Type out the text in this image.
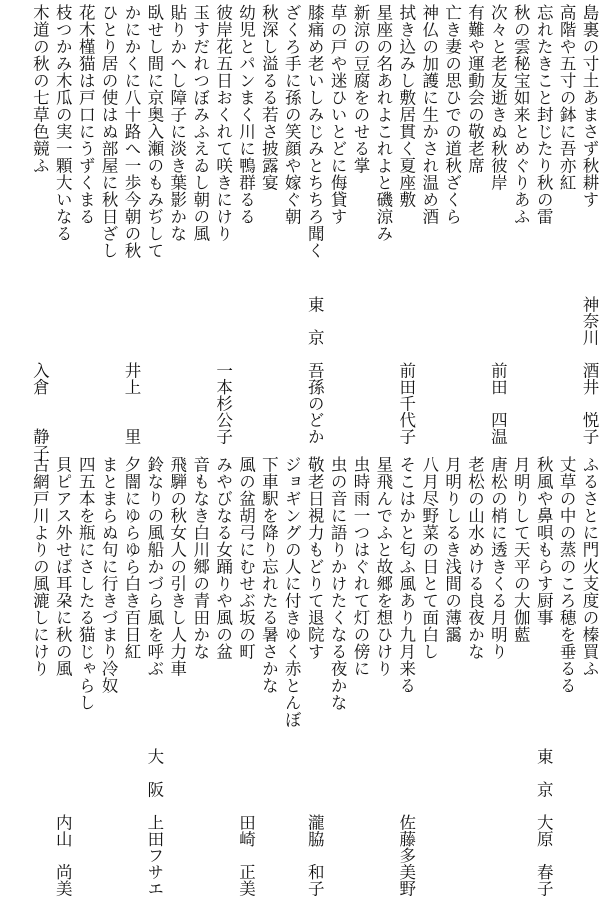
島裏の寸土あまさず秋耕す
神奈川
酒井　悦子
高階や五寸の鉢に吾亦紅
忘れたきこと封じたり秋の雷
秋の雲秘宝如来とめぐりあふ
次々と老友逝きぬ秋彼岸
前田　四温
有難や運動会の敬老席
亡き妻の思ひでの道秋ざくら
神仏の加護に生かされ温め酒
拭き込みし敷居貫く夏座敷
前田千代子
星座の名あれよこれよと磯涼み
新涼の豆腐をのせる掌
草の戸や迷ひいとどに侮貸す
膝痛め老いしみじみとちちろ聞く
東　京
吾孫のどか
ざくろ手に孫の笑顔や嫁ぐ朝
秋深し溢るる若さ披露宴
幼児とパンまく川に鴨群るる
彼岸花五日おくれて咲きにけり
一本杉公子
玉すだれつぼみふえゐし朝の風
貼りかへし障子に淡き葉影かな
臥せし間に京奥入瀬のもみぢして
かにかくに八十路へ一歩今朝の秋
井上　　里
ひとり居の使はぬ部屋に秋日ざし
花木槿猫は戸口にうずくまる
枝つかみ木瓜の実一顆大いなる
木道の秋の七草色競ふ
入倉　　静子
ふるさとに門火支度の榛買ふ
丈草の中の蒸のころ穂を垂るる
秋風や鼻唄もらす厨事
東　京
大原　春子
月明りして天平の大伽藍
唐松の梢に透きくる月明り
老松の山水めける良夜かな
月明りしるき浅間の薄靄
八月尽野菜の日とて面白し
そこはかと匂ふ風あり九月来る
佐藤多美野
星飛んでふと故郷を想ひけり
虫時雨一つはぐれて灯の傍に
虫の音に語りかけたくなる夜かな
敬老日視力もどりて退院す
瀧脇　和子
ジョギングの人に付きゆく赤とんぼ
下車駅を降り忘れたる暑さかな
風の盆胡弓にむせぶ坂の町
田崎　正美
みやびなる女踊りや風の盆
音もなき白川郷の青田かな
飛騨の秋女人の引きし人力車
鈴なりの風船かづら風を呼ぶ
大　阪
上田フサエ
夕闇にゆらゆら白き百日紅
まとまらぬ句に行きづまり冷奴
四五本を瓶にさしたる猫じゃらし
貝ピアス外せば耳朶に秋の風
内山　尚美
古網戸川よりの風漉しにけり
